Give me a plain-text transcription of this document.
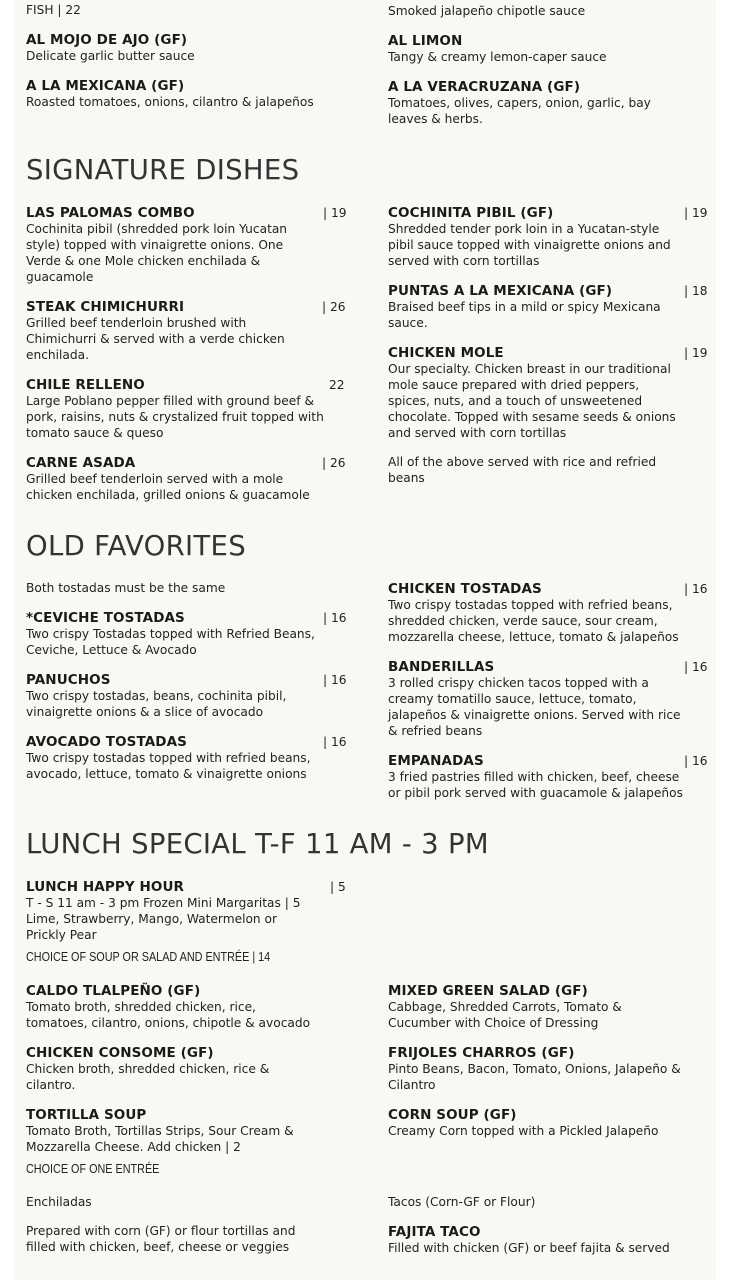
FISH | 22	Smoked jalapeño chipotle sauce
AL MOJO DE AJO (GF)
Delicate garlic butter sauce
A LA MEXICANA (GF)
Roasted tomatoes, onions, cilantro & jalapeños
AL LIMON
Tangy & creamy lemon-caper sauce
A LA VERACRUZANA (GF)
Tomatoes, olives, capers, onion, garlic, bay leaves & herbs.
SIGNATURE DISHES
LAS PALOMAS COMBO	| 19
Cochinita pibil (shredded pork loin Yucatan style) topped with vinaigrette onions. One Verde & one Mole chicken enchilada & guacamole
STEAK CHIMICHURRI	| 26
Grilled beef tenderloin brushed with Chimichurri & served with a verde chicken enchilada.
CHILE RELLENO	22
Large Poblano pepper filled with ground beef & pork, raisins, nuts & crystalized fruit topped with tomato sauce & queso
CARNE ASADA	| 26
Grilled beef tenderloin served with a mole chicken enchilada, grilled onions & guacamole
COCHINITA PIBIL (GF)	| 19
Shredded tender pork loin in a Yucatan-style pibil sauce topped with vinaigrette onions and served with corn tortillas
PUNTAS A LA MEXICANA (GF)	| 18
Braised beef tips in a mild or spicy Mexicana sauce.
CHICKEN MOLE	| 19
Our specialty. Chicken breast in our traditional mole sauce prepared with dried peppers, spices, nuts, and a touch of unsweetened chocolate. Topped with sesame seeds & onions and served with corn tortillas
All of the above served with rice and refried beans
OLD FAVORITES
Both tostadas must be the same
*CEVICHE TOSTADAS	| 16
Two crispy Tostadas topped with Refried Beans, Ceviche, Lettuce & Avocado
PANUCHOS	| 16
Two crispy tostadas, beans, cochinita pibil, vinaigrette onions & a slice of avocado
AVOCADO TOSTADAS	| 16
Two crispy tostadas topped with refried beans, avocado, lettuce, tomato & vinaigrette onions
CHICKEN TOSTADAS	| 16
Two crispy tostadas topped with refried beans, shredded chicken, verde sauce, sour cream, mozzarella cheese, lettuce, tomato & jalapeños
BANDERILLAS	| 16
3 rolled crispy chicken tacos topped with a creamy tomatillo sauce, lettuce, tomato, jalapeños & vinaigrette onions. Served with rice & refried beans
EMPANADAS	| 16
3 fried pastries filled with chicken, beef, cheese or pibil pork served with guacamole & jalapeños
LUNCH SPECIAL T-F 11 AM - 3 PM
LUNCH HAPPY HOUR	| 5
T - S 11 am - 3 pm Frozen Mini Margaritas | 5 Lime, Strawberry, Mango, Watermelon or Prickly Pear
CHOICE OF SOUP OR SALAD AND ENTRÉE | 14
CALDO TLALPEÑO (GF)
Tomato broth, shredded chicken, rice, tomatoes, cilantro, onions, chipotle & avocado
CHICKEN CONSOME (GF)
Chicken broth, shredded chicken, rice & cilantro.
TORTILLA SOUP
Tomato Broth, Tortillas Strips, Sour Cream & Mozzarella Cheese. Add chicken | 2
MIXED GREEN SALAD (GF)
Cabbage, Shredded Carrots, Tomato & Cucumber with Choice of Dressing
FRIJOLES CHARROS (GF)
Pinto Beans, Bacon, Tomato, Onions, Jalapeño & Cilantro
CORN SOUP (GF)
Creamy Corn topped with a Pickled Jalapeño
CHOICE OF ONE ENTRÉE
Enchiladas
Prepared with corn (GF) or flour tortillas and filled with chicken, beef, cheese or veggies
Tacos (Corn-GF or Flour)
FAJITA TACO
Filled with chicken (GF) or beef fajita & served
